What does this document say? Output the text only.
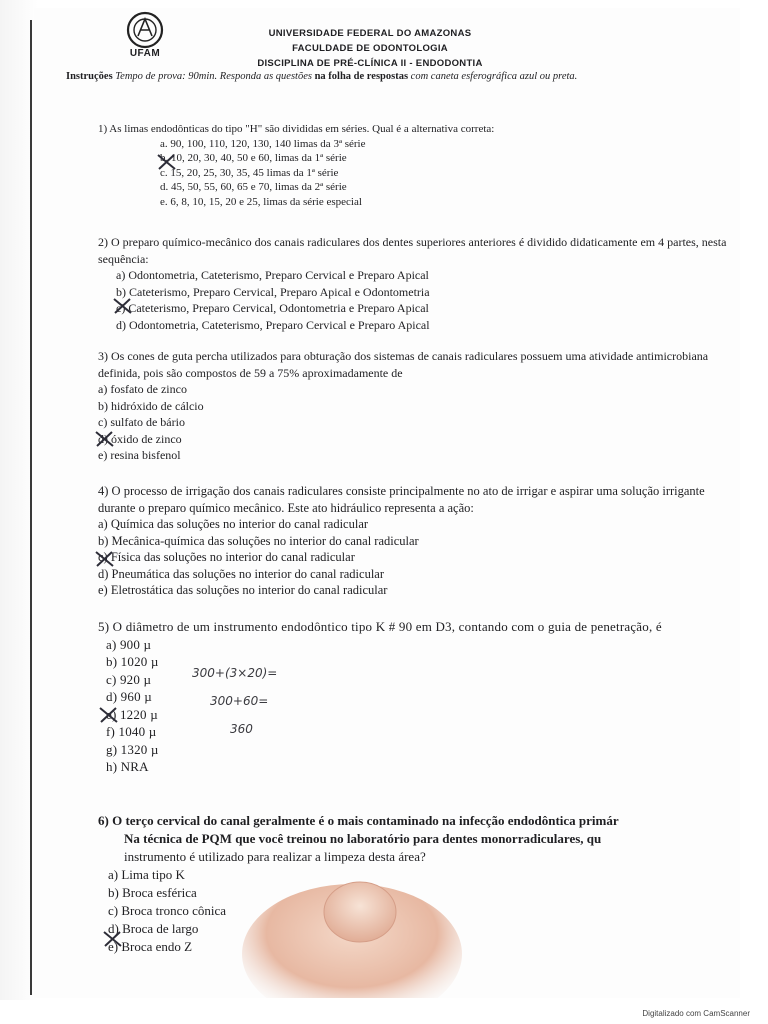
UFAM
UNIVERSIDADE FEDERAL DO AMAZONAS
FACULDADE DE ODONTOLOGIA
DISCIPLINA DE PRÉ-CLÍNICA II - ENDODONTIA
Instruções Tempo de prova: 90min. Responda as questões na folha de respostas com caneta esferográfica azul ou preta.

1) As limas endodônticas do tipo "H" são divididas em séries. Qual é a alternativa correta:

a. 90, 100, 110, 120, 130, 140 limas da 3ª série

b. 10, 20, 30, 40, 50 e 60, limas da 1ª série

c. 15, 20, 25, 30, 35, 45 limas da 1ª série

d. 45, 50, 55, 60, 65 e 70, limas da 2ª série

e. 6, 8, 10, 15, 20 e 25, limas da série especial

2) O preparo químico-mecânico dos canais radiculares dos dentes superiores anteriores é dividido didaticamente em 4 partes, nesta sequência:

a) Odontometria, Cateterismo, Preparo Cervical e Preparo Apical

b) Cateterismo, Preparo Cervical, Preparo Apical e Odontometria

c) Cateterismo, Preparo Cervical, Odontometria e Preparo Apical

d) Odontometria, Cateterismo, Preparo Cervical e Preparo Apical

3) Os cones de guta percha utilizados para obturação dos sistemas de canais radiculares possuem uma atividade antimicrobiana definida, pois são compostos de 59 a 75% aproximadamente de

a) fosfato de zinco

b) hidróxido de cálcio

c) sulfato de bário

d) óxido de zinco

e) resina bisfenol

4) O processo de irrigação dos canais radiculares consiste principalmente no ato de irrigar e aspirar uma solução irrigante durante o preparo químico mecânico. Este ato hidráulico representa a ação:

a) Química das soluções no interior do canal radicular

b) Mecânica-química das soluções no interior do canal radicular

c) Física das soluções no interior do canal radicular

d) Pneumática das soluções no interior do canal radicular

e) Eletrostática das soluções no interior do canal radicular

5) O diâmetro de um instrumento endodôntico tipo K # 90 em D3, contando com o guia de penetração, é

a) 900 µ

b) 1020 µ

c) 920 µ

d) 960 µ

e) 1220 µ

f) 1040 µ

g) 1320 µ

h) NRA

300+(3×20)=
300+60=
360

6) O terço cervical do canal geralmente é o mais contaminado na infecção endodôntica primár

Na técnica de PQM que você treinou no laboratório para dentes monorradiculares, qu

instrumento é utilizado para realizar a limpeza desta área?

a) Lima tipo K

b) Broca esférica

c) Broca tronco cônica

d) Broca de largo

e) Broca endo Z

Digitalizado com CamScanner
